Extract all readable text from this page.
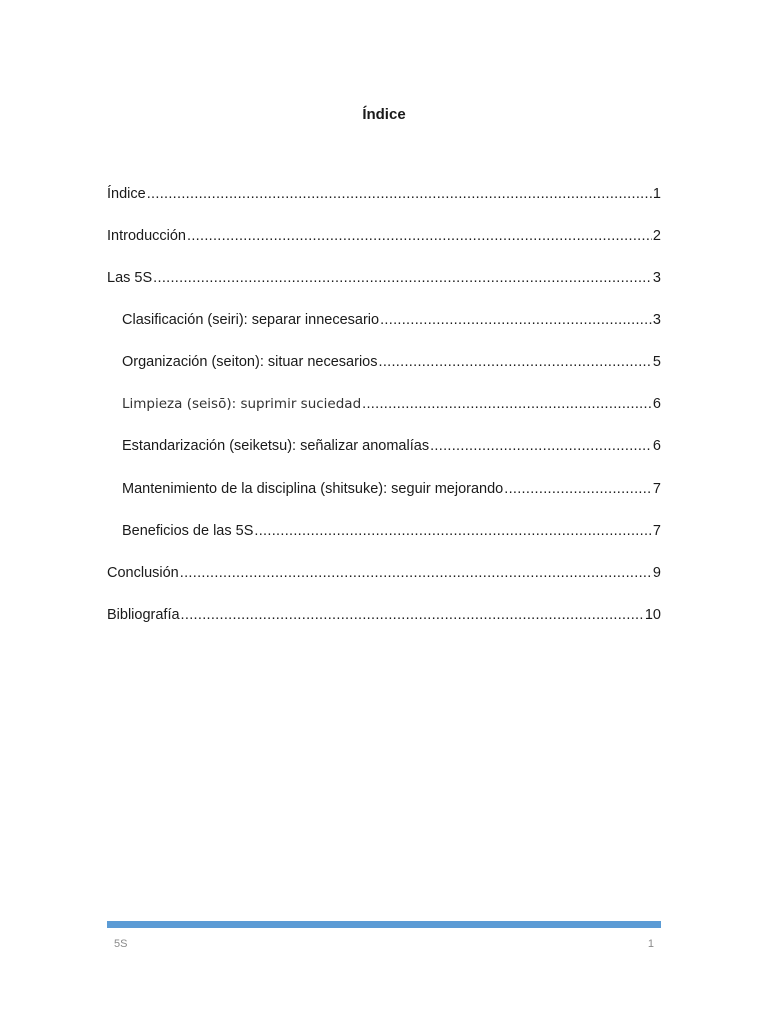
Índice
Índice .....	1
Introducción .....	2
Las 5S .....	3
Clasificación (seiri): separar innecesario .....	3
Organización (seiton): situar necesarios .....	5
Limpieza (seisō): suprimir suciedad .....	6
Estandarización (seiketsu): señalizar anomalías .....	6
Mantenimiento de la disciplina (shitsuke): seguir mejorando .....	7
Beneficios de las 5S .....	7
Conclusión .....	9
Bibliografía .....	10
5S	1
